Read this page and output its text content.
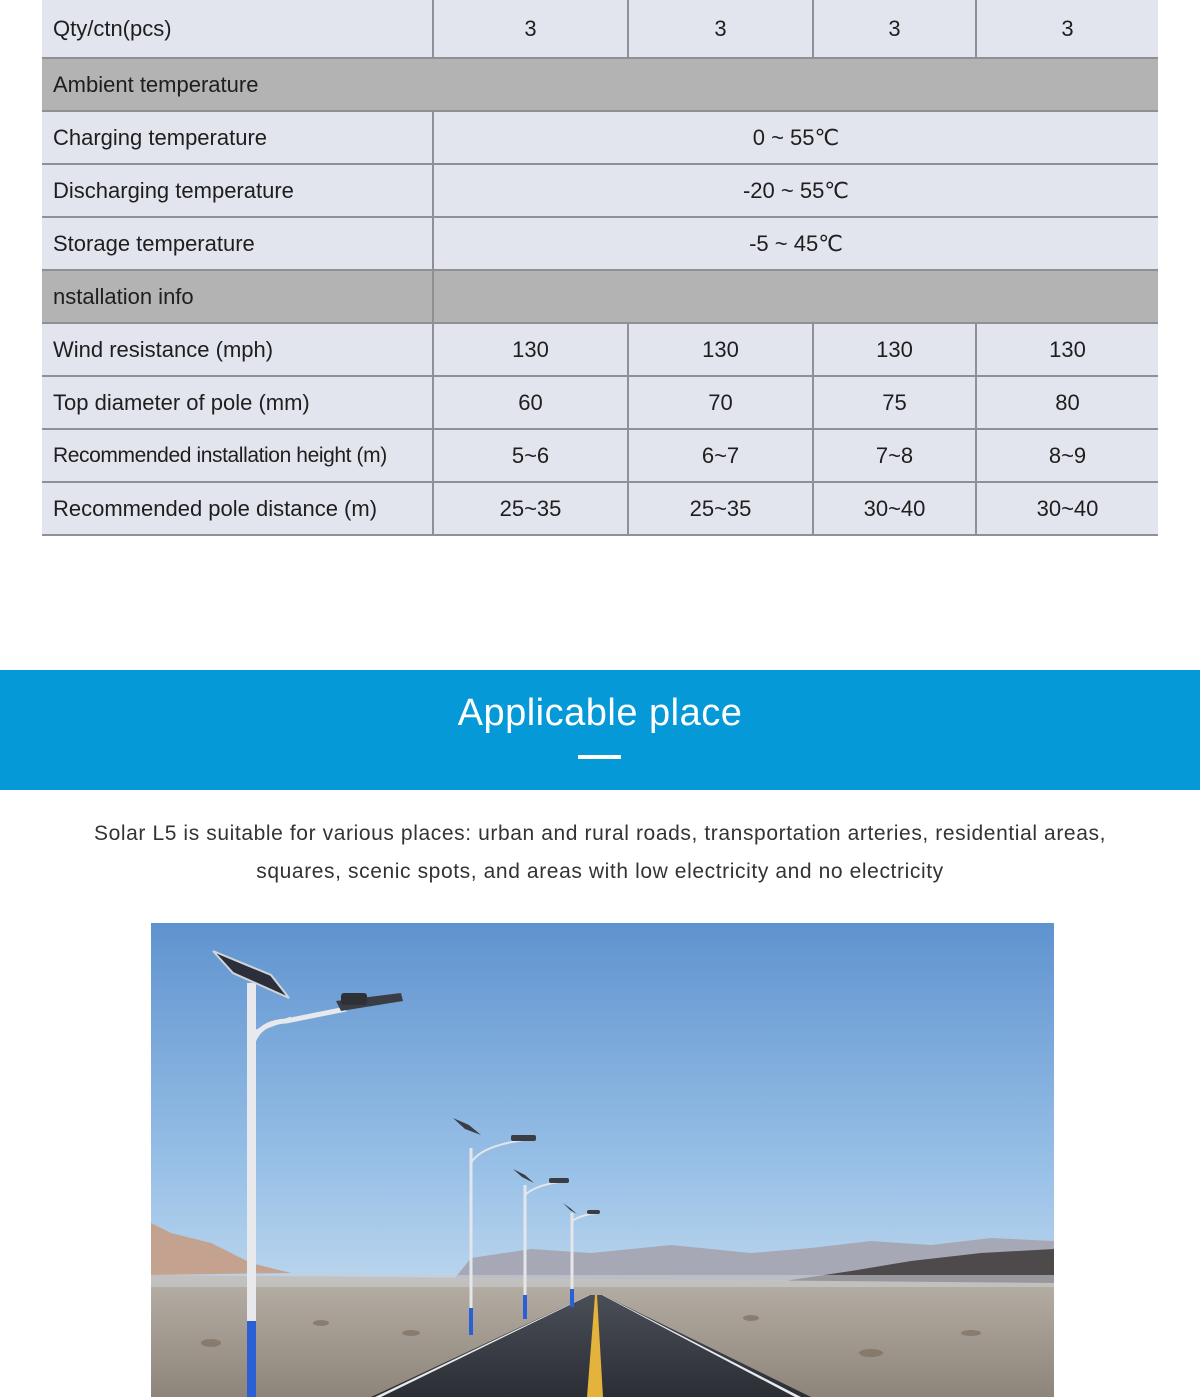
Qty/ctn(pcs)	3	3	3	3
Ambient temperature				
Charging temperature	0 ~ 55℃			
Discharging temperature	-20 ~ 55℃			
Storage temperature	-5 ~ 45℃			
nstallation info				
Wind resistance (mph)	130	130	130	130
Top diameter of pole (mm)	60	70	75	80
Recommended installation height (m)	5~6	6~7	7~8	8~9
Recommended pole distance (m)	25~35	25~35	30~40	30~40
Applicable place
Solar L5 is suitable for various places: urban and rural roads, transportation arteries, residential areas, squares, scenic spots, and areas with low electricity and no electricity
